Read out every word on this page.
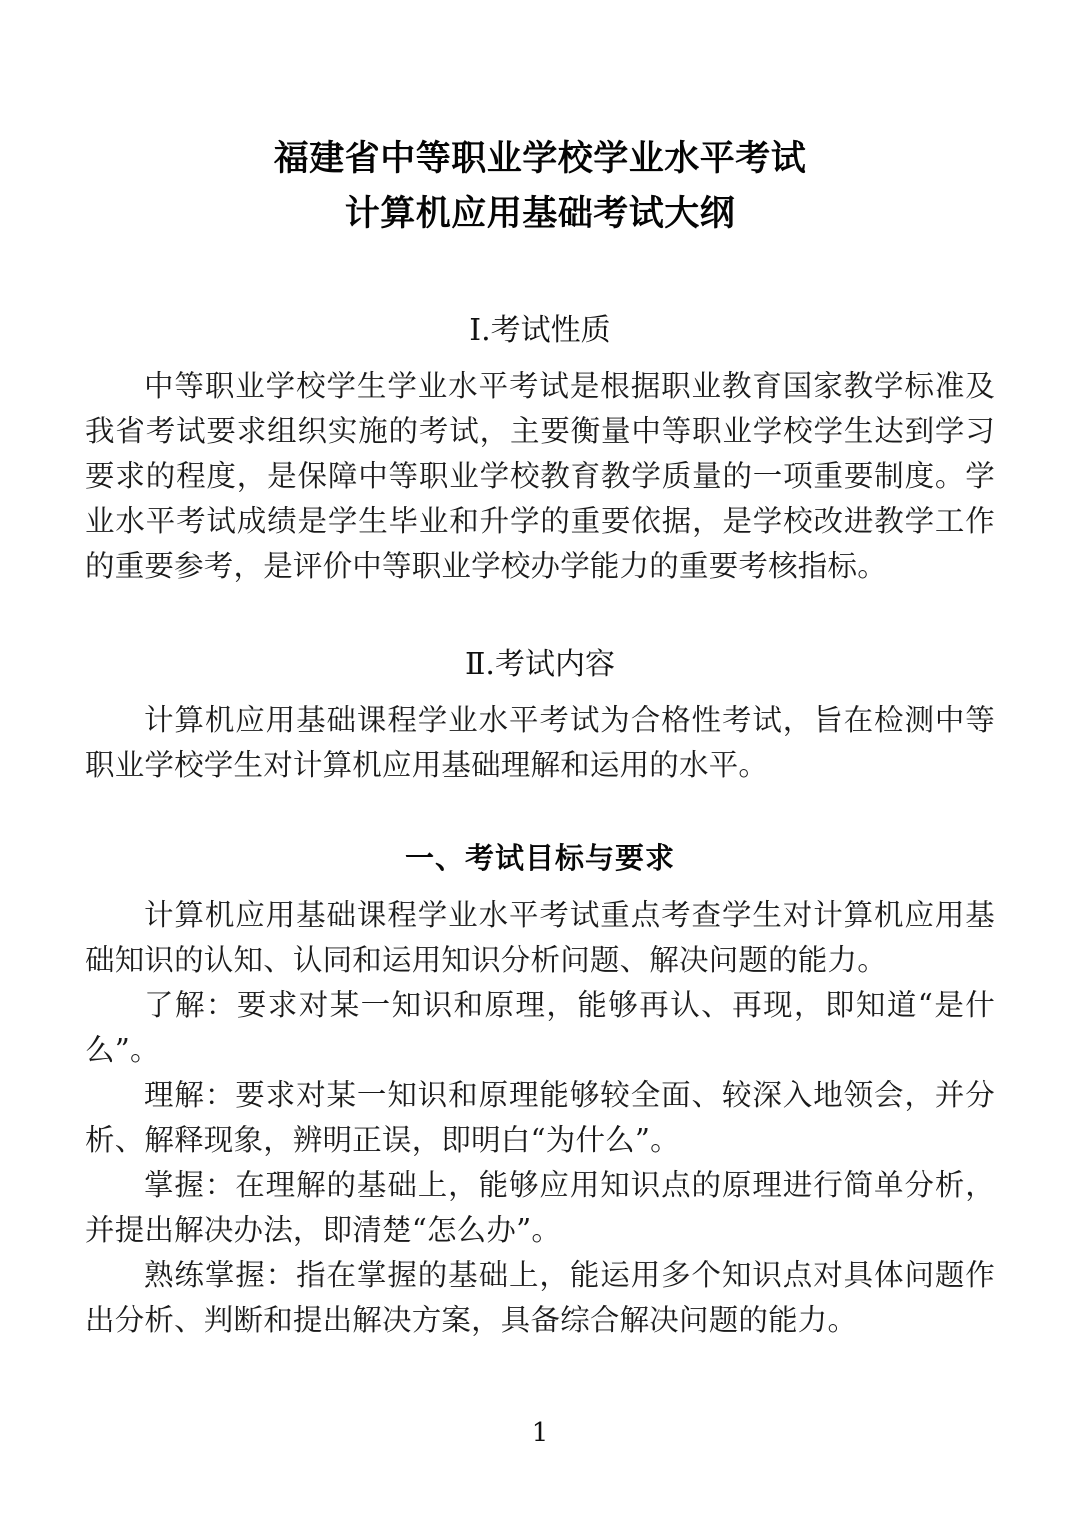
福建省中等职业学校学业水平考试
计算机应用基础考试大纲
Ⅰ.考试性质

中等职业学校学生学业水平考试是根据职业教育国家教学标准及我省考试要求组织实施的考试，主要衡量中等职业学校学生达到学习要求的程度，是保障中等职业学校教育教学质量的一项重要制度。学业水平考试成绩是学生毕业和升学的重要依据，是学校改进教学工作的重要参考，是评价中等职业学校办学能力的重要考核指标。

Ⅱ.考试内容

计算机应用基础课程学业水平考试为合格性考试，旨在检测中等职业学校学生对计算机应用基础理解和运用的水平。

一、考试目标与要求

计算机应用基础课程学业水平考试重点考查学生对计算机应用基础知识的认知、认同和运用知识分析问题、解决问题的能力。

了解：要求对某一知识和原理，能够再认、再现，即知道“是什么”。

理解：要求对某一知识和原理能够较全面、较深入地领会，并分析、解释现象，辨明正误，即明白“为什么”。

掌握：在理解的基础上，能够应用知识点的原理进行简单分析，并提出解决办法，即清楚“怎么办”。

熟练掌握：指在掌握的基础上，能运用多个知识点对具体问题作出分析、判断和提出解决方案，具备综合解决问题的能力。

1
